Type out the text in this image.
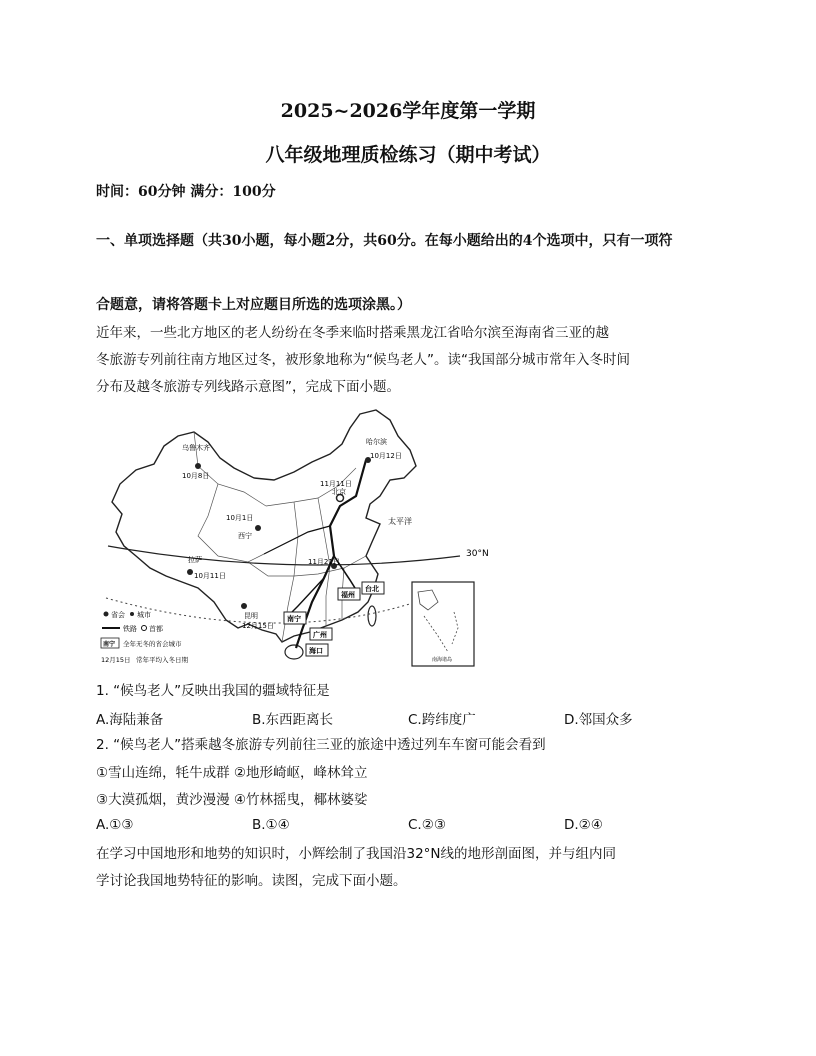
2025~2026学年度第一学期
八年级地理质检练习（期中考试）
时间：60分钟 满分：100分
一、单项选择题（共30小题，每小题2分，共60分。在每小题给出的4个选项中，只有一项符
合题意，请将答题卡上对应题目所选的选项涂黑。）
近年来，一些北方地区的老人纷纷在冬季来临时搭乘黑龙江省哈尔滨至海南省三亚的越
冬旅游专列前往南方地区过冬，被形象地称为“候鸟老人”。读“我国部分城市常年入冬时间
分布及越冬旅游专列线路示意图”，完成下面小题。
哈尔滨
10月12日
乌鲁木齐
10月8日
11月11日
北京
10月1日
西宁
拉萨
10月11日
昆明
12月15日
11月21日
福州
台北
南宁
广州
海口
太平洋
30°N
南海诸岛
省会 城市
铁路 首都
南宁 全年无冬的省会城市
12月15日 常年平均入冬日期
1. “候鸟老人”反映出我国的疆域特征是
A.海陆兼备	B.东西距离长	C.跨纬度广	D.邻国众多
2. “候鸟老人”搭乘越冬旅游专列前往三亚的旅途中透过列车车窗可能会看到
①雪山连绵，牦牛成群 ②地形崎岖，峰林耸立
③大漠孤烟，黄沙漫漫 ④竹林摇曳，椰林婆娑
A.①③	B.①④	C.②③	D.②④
在学习中国地形和地势的知识时，小辉绘制了我国沿32°N线的地形剖面图，并与组内同
学讨论我国地势特征的影响。读图，完成下面小题。
